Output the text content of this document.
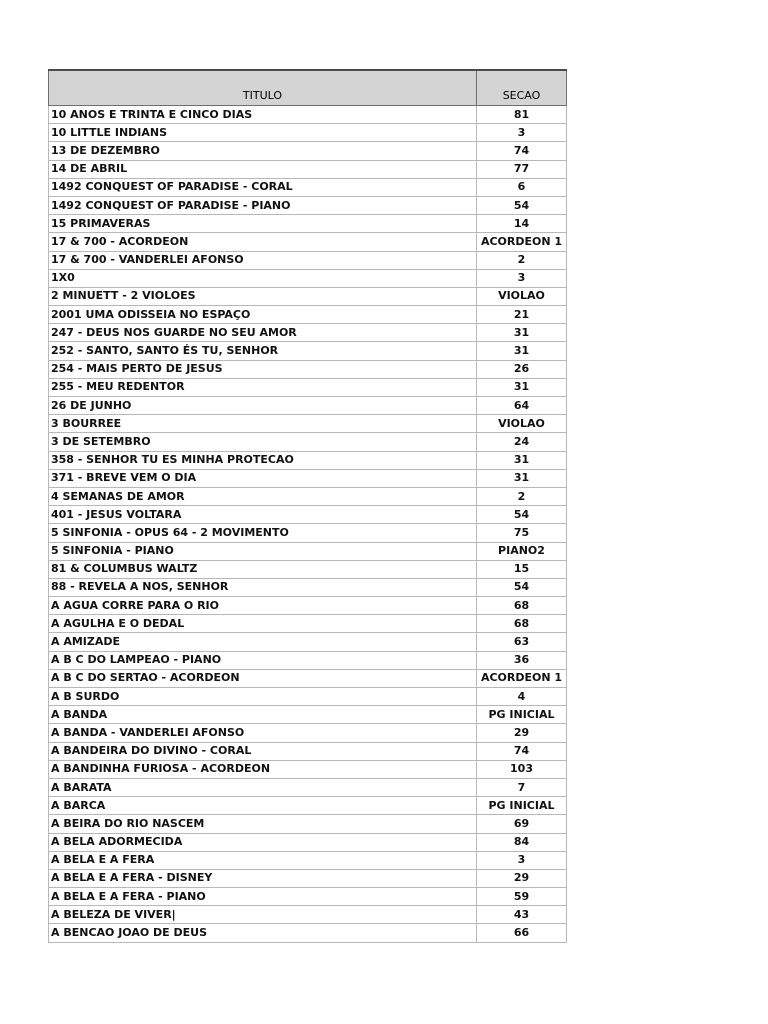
TITULO	SECAO
10 ANOS E TRINTA E CINCO DIAS	81
10 LITTLE INDIANS	3
13 DE DEZEMBRO	74
14 DE ABRIL	77
1492 CONQUEST OF PARADISE - CORAL	6
1492 CONQUEST OF PARADISE - PIANO	54
15 PRIMAVERAS	14
17 & 700 - ACORDEON	ACORDEON 1
17 & 700 - VANDERLEI AFONSO	2
1X0	3
2 MINUETT - 2 VIOLOES	VIOLAO
2001 UMA ODISSEIA NO ESPAÇO	21
247 - DEUS NOS GUARDE NO SEU AMOR	31
252 - SANTO, SANTO ÉS TU, SENHOR	31
254 - MAIS PERTO DE JESUS	26
255 - MEU REDENTOR	31
26 DE JUNHO	64
3 BOURREE	VIOLAO
3 DE SETEMBRO	24
358 - SENHOR TU ES MINHA PROTECAO	31
371 - BREVE VEM O DIA	31
4 SEMANAS DE AMOR	2
401 - JESUS VOLTARA	54
5 SINFONIA - OPUS 64 - 2 MOVIMENTO	75
5 SINFONIA - PIANO	PIANO2
81 & COLUMBUS WALTZ	15
88 - REVELA A NOS, SENHOR	54
A AGUA CORRE PARA O RIO	68
A AGULHA E O DEDAL	68
A AMIZADE	63
A B C DO LAMPEAO - PIANO	36
A B C DO SERTAO - ACORDEON	ACORDEON 1
A B SURDO	4
A BANDA	PG INICIAL
A BANDA - VANDERLEI AFONSO	29
A BANDEIRA DO DIVINO - CORAL	74
A BANDINHA FURIOSA - ACORDEON	103
A BARATA	7
A BARCA	PG INICIAL
A BEIRA DO RIO NASCEM	69
A BELA ADORMECIDA	84
A BELA E A FERA	3
A BELA E A FERA - DISNEY	29
A BELA E A FERA - PIANO	59
A BELEZA DE VIVER|	43
A BENCAO JOAO DE DEUS	66
